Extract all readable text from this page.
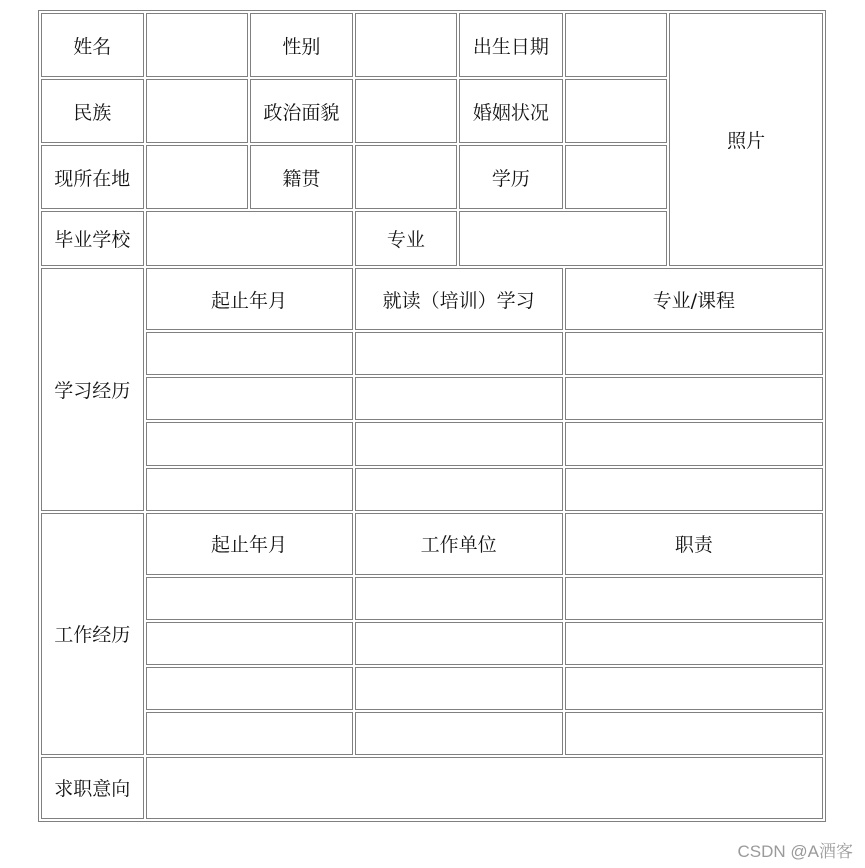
姓名		性别		出生日期		照片
民族		政治面貌		婚姻状况		
现所在地		籍贯		学历		
毕业学校			专业			
学习经历	起止年月		就读（培训）学习		专业/课程	

工作经历	起止年月		工作单位		职责	

求职意向						
CSDN @A酒客
